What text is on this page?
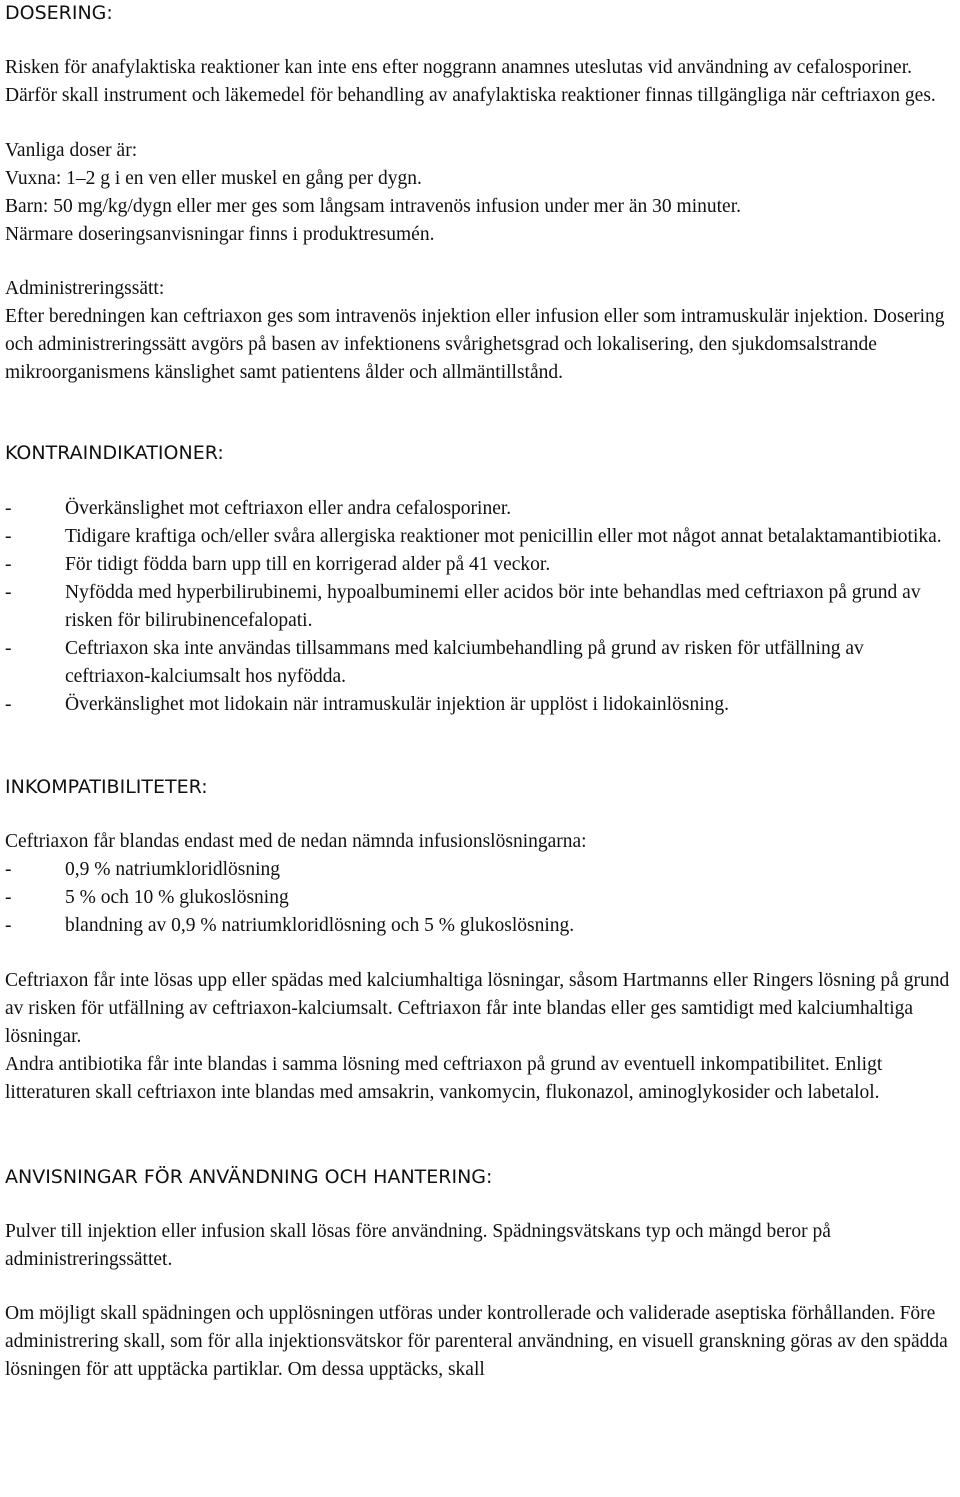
DOSERING:

Risken för anafylaktiska reaktioner kan inte ens efter noggrann anamnes uteslutas vid användning av cefalosporiner. Därför skall instrument och läkemedel för behandling av anafylaktiska reaktioner finnas tillgängliga när ceftriaxon ges.

Vanliga doser är:

Vuxna: 1–2 g i en ven eller muskel en gång per dygn.

Barn: 50 mg/kg/dygn eller mer ges som långsam intravenös infusion under mer än 30 minuter.

Närmare doseringsanvisningar finns i produktresumén.

Administreringssätt:

Efter beredningen kan ceftriaxon ges som intravenös injektion eller infusion eller som intramuskulär injektion. Dosering och administreringssätt avgörs på basen av infektionens svårighetsgrad och lokalisering, den sjukdomsalstrande mikroorganismens känslighet samt patientens ålder och allmäntillstånd.

KONTRAINDIKATIONER:
-	Överkänslighet mot ceftriaxon eller andra cefalosporiner.
-	Tidigare kraftiga och/eller svåra allergiska reaktioner mot penicillin eller mot något annat betalaktamantibiotika.
-	För tidigt födda barn upp till en korrigerad alder på 41 veckor.
-	Nyfödda med hyperbilirubinemi, hypoalbuminemi eller acidos bör inte behandlas med ceftriaxon på grund av risken för bilirubinencefalopati.
-	Ceftriaxon ska inte användas tillsammans med kalciumbehandling på grund av risken för utfällning av ceftriaxon-kalciumsalt hos nyfödda.
-	Överkänslighet mot lidokain när intramuskulär injektion är upplöst i lidokainlösning.
INKOMPATIBILITETER:

Ceftriaxon får blandas endast med de nedan nämnda infusionslösningarna:

-	0,9 % natriumkloridlösning
-	5 % och 10 % glukoslösning
-	blandning av 0,9 % natriumkloridlösning och 5 % glukoslösning.

Ceftriaxon får inte lösas upp eller spädas med kalciumhaltiga lösningar, såsom Hartmanns eller Ringers lösning på grund av risken för utfällning av ceftriaxon-kalciumsalt. Ceftriaxon får inte blandas eller ges samtidigt med kalciumhaltiga lösningar.

Andra antibiotika får inte blandas i samma lösning med ceftriaxon på grund av eventuell inkompatibilitet. Enligt litteraturen skall ceftriaxon inte blandas med amsakrin, vankomycin, flukonazol, aminoglykosider och labetalol.

ANVISNINGAR FÖR ANVÄNDNING OCH HANTERING:

Pulver till injektion eller infusion skall lösas före användning. Spädningsvätskans typ och mängd beror på administreringssättet.

Om möjligt skall spädningen och upplösningen utföras under kontrollerade och validerade aseptiska förhållanden. Före administrering skall, som för alla injektionsvätskor för parenteral användning, en visuell granskning göras av den spädda lösningen för att upptäcka partiklar. Om dessa upptäcks, skall
